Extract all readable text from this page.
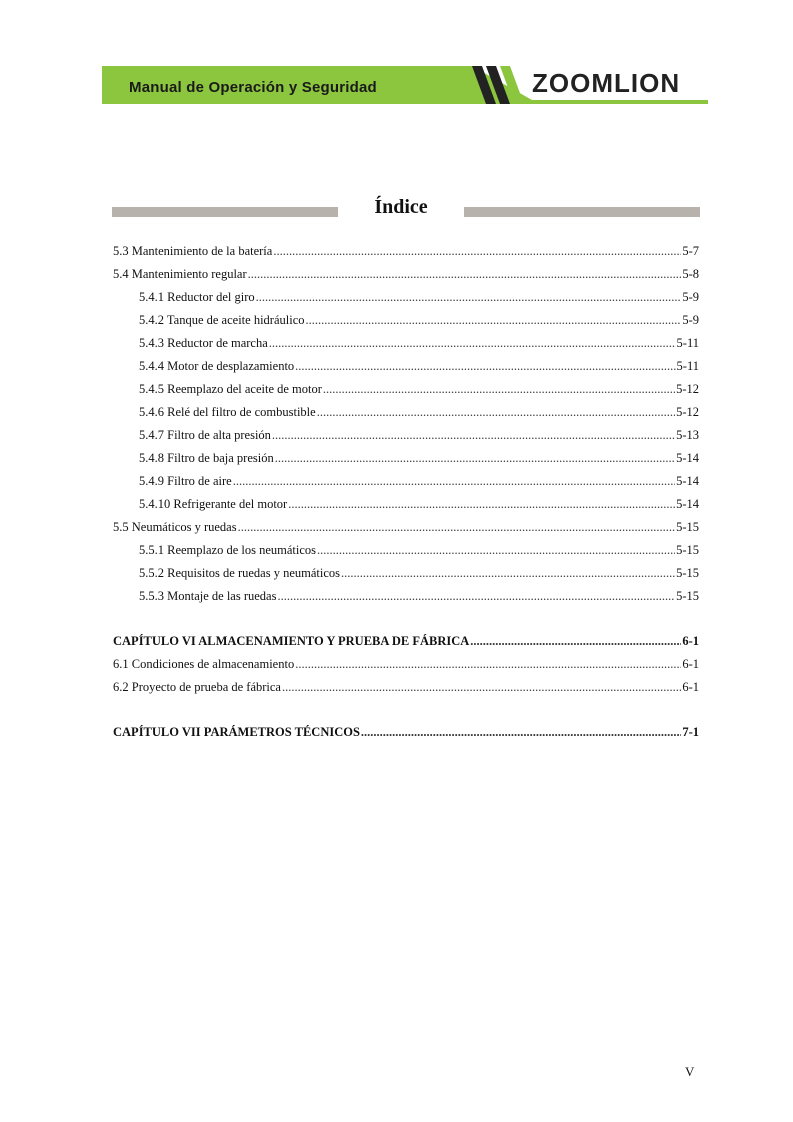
Manual de Operación y Seguridad	ZOOMLION
Índice
5.3 Mantenimiento de la batería .....	5-7
5.4 Mantenimiento regular .....	5-8
5.4.1 Reductor del giro .....	5-9
5.4.2 Tanque de aceite hidráulico .....	5-9
5.4.3 Reductor de marcha .....	5-11
5.4.4 Motor de desplazamiento .....	5-11
5.4.5 Reemplazo del aceite de motor .....	5-12
5.4.6 Relé del filtro de combustible .....	5-12
5.4.7 Filtro de alta presión .....	5-13
5.4.8 Filtro de baja presión .....	5-14
5.4.9 Filtro de aire .....	5-14
5.4.10 Refrigerante del motor .....	5-14
5.5 Neumáticos y ruedas .....	5-15
5.5.1 Reemplazo de los neumáticos .....	5-15
5.5.2 Requisitos de ruedas y neumáticos .....	5-15
5.5.3 Montaje de las ruedas .....	5-15
CAPÍTULO VI ALMACENAMIENTO Y PRUEBA DE FÁBRICA .....	6-1
6.1 Condiciones de almacenamiento .....	6-1
6.2 Proyecto de prueba de fábrica .....	6-1
CAPÍTULO VII PARÁMETROS TÉCNICOS .....	7-1
V
